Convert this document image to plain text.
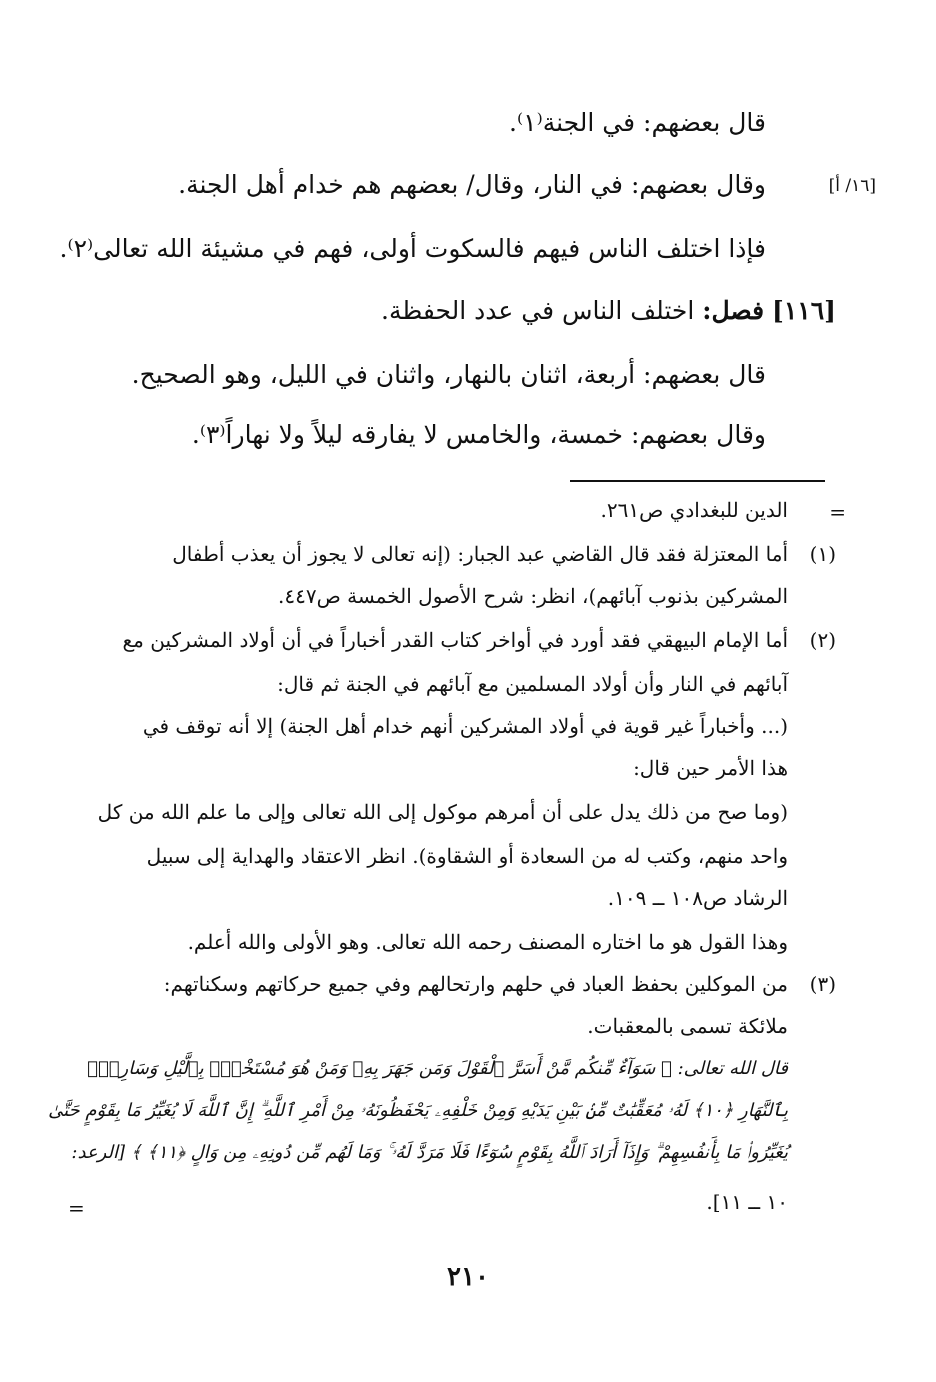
قال بعضهم: في الجنة⁽١⁾.
وقال بعضهم: في النار، وقال/ بعضهم هم خدام أهل الجنة.	[١٦/ أ]
فإذا اختلف الناس فيهم فالسكوت أولى، فهم في مشيئة الله تعالى⁽٢⁾.
[١١٦] فصل: اختلف الناس في عدد الحفظة.
قال بعضهم: أربعة، اثنان بالنهار، واثنان في الليل، وهو الصحيح.
وقال بعضهم: خمسة، والخامس لا يفارقه ليلاً ولا نهاراً⁽٣⁾.
=
الدين للبغدادي ص٢٦١.
(١)
أما المعتزلة فقد قال القاضي عبد الجبار: (إنه تعالى لا يجوز أن يعذب أطفال
المشركين بذنوب آبائهم)، انظر: شرح الأصول الخمسة ص٤٤٧.
(٢)
أما الإمام البيهقي فقد أورد في أواخر كتاب القدر أخباراً في أن أولاد المشركين مع
آبائهم في النار وأن أولاد المسلمين مع آبائهم في الجنة ثم قال:
(... وأخباراً غير قوية في أولاد المشركين أنهم خدام أهل الجنة) إلا أنه توقف في
هذا الأمر حين قال:
(وما صح من ذلك يدل على أن أمرهم موكول إلى الله تعالى وإلى ما علم الله من كل
واحد منهم، وكتب له من السعادة أو الشقاوة). انظر الاعتقاد والهداية إلى سبيل
الرشاد ص١٠٨ ــ ١٠٩.
وهذا القول هو ما اختاره المصنف رحمه الله تعالى. وهو الأولى والله أعلم.
(٣)
من الموكلين بحفظ العباد في حلهم وارتحالهم وفي جميع حركاتهم وسكناتهم:
ملائكة تسمى بالمعقبات.
قال الله تعالى: ﴿ سَوَآءٌ مِّنكُم مَّنْ أَسَرَّ ٱلْقَوْلَ وَمَن جَهَرَ بِهِۦ وَمَنْ هُوَ مُسْتَخْفٍۭ بِٱلَّيْلِ وَسَارِبٌۢ
بِٱلنَّهَارِ ﴿١٠﴾ لَهُۥ مُعَقِّبَٰتٌ مِّنۢ بَيْنِ يَدَيْهِ وَمِنْ خَلْفِهِۦ يَحْفَظُونَهُۥ مِنْ أَمْرِ ٱللَّهِ ۗ إِنَّ ٱللَّهَ لَا يُغَيِّرُ مَا بِقَوْمٍ حَتَّىٰ
يُغَيِّرُوا۟ مَا بِأَنفُسِهِمْ ۗ وَإِذَآ أَرَادَ ٱللَّهُ بِقَوْمٍ سُوٓءًا فَلَا مَرَدَّ لَهُۥ ۚ وَمَا لَهُم مِّن دُونِهِۦ مِن وَالٍ ﴿١١﴾ ﴾ [الرعد:
١٠ ــ ١١].
=
٢١٠
